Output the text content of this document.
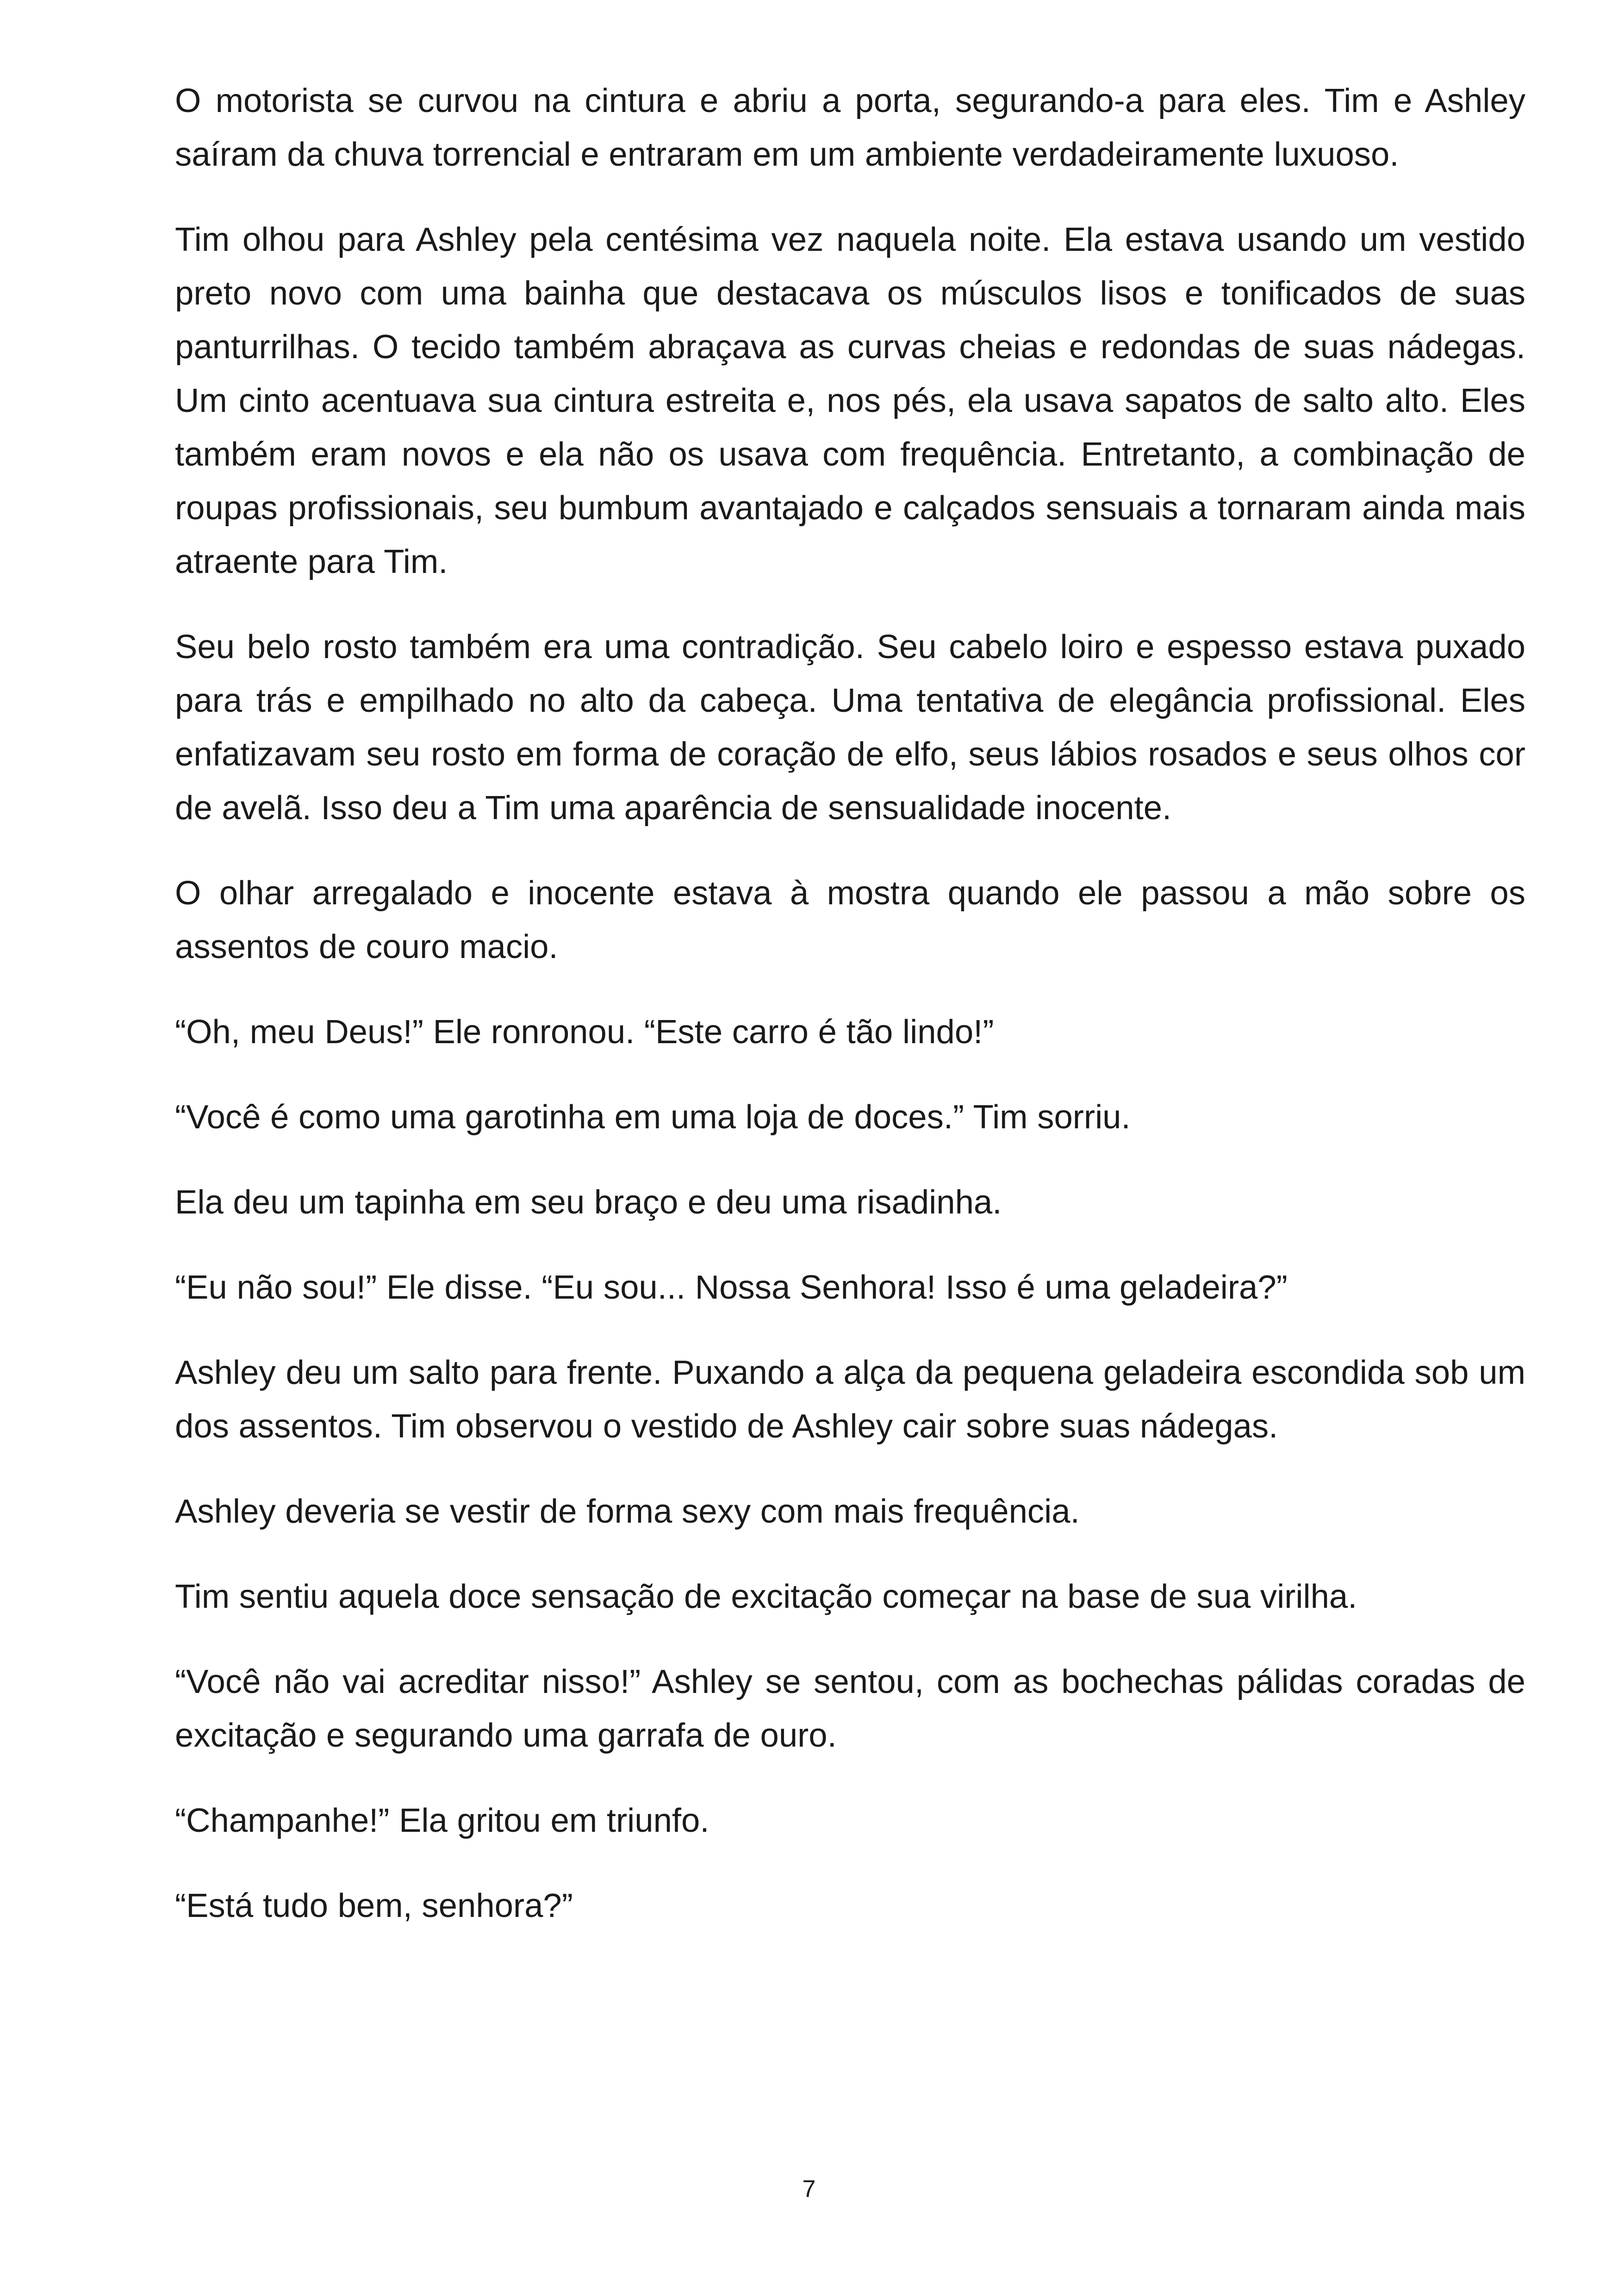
O motorista se curvou na cintura e abriu a porta, segurando-a para eles. Tim e Ashley saíram da chuva torrencial e entraram em um ambiente verdadeiramente luxuoso.

Tim olhou para Ashley pela centésima vez naquela noite. Ela estava usando um vestido preto novo com uma bainha que destacava os músculos lisos e tonificados de suas panturrilhas. O tecido também abraçava as curvas cheias e redondas de suas nádegas. Um cinto acentuava sua cintura estreita e, nos pés, ela usava sapatos de salto alto. Eles também eram novos e ela não os usava com frequência. Entretanto, a combinação de roupas profissionais, seu bumbum avantajado e calçados sensuais a tornaram ainda mais atraente para Tim.

Seu belo rosto também era uma contradição. Seu cabelo loiro e espesso estava puxado para trás e empilhado no alto da cabeça. Uma tentativa de elegância profissional. Eles enfatizavam seu rosto em forma de coração de elfo, seus lábios rosados e seus olhos cor de avelã. Isso deu a Tim uma aparência de sensualidade inocente.

O olhar arregalado e inocente estava à mostra quando ele passou a mão sobre os assentos de couro macio.

“Oh, meu Deus!” Ele ronronou. “Este carro é tão lindo!”

“Você é como uma garotinha em uma loja de doces.” Tim sorriu.

Ela deu um tapinha em seu braço e deu uma risadinha.

“Eu não sou!” Ele disse. “Eu sou... Nossa Senhora! Isso é uma geladeira?”

Ashley deu um salto para frente. Puxando a alça da pequena geladeira escondida sob um dos assentos. Tim observou o vestido de Ashley cair sobre suas nádegas.

Ashley deveria se vestir de forma sexy com mais frequência.

Tim sentiu aquela doce sensação de excitação começar na base de sua virilha.

“Você não vai acreditar nisso!” Ashley se sentou, com as bochechas pálidas coradas de excitação e segurando uma garrafa de ouro.

“Champanhe!” Ela gritou em triunfo.

“Está tudo bem, senhora?”

7
